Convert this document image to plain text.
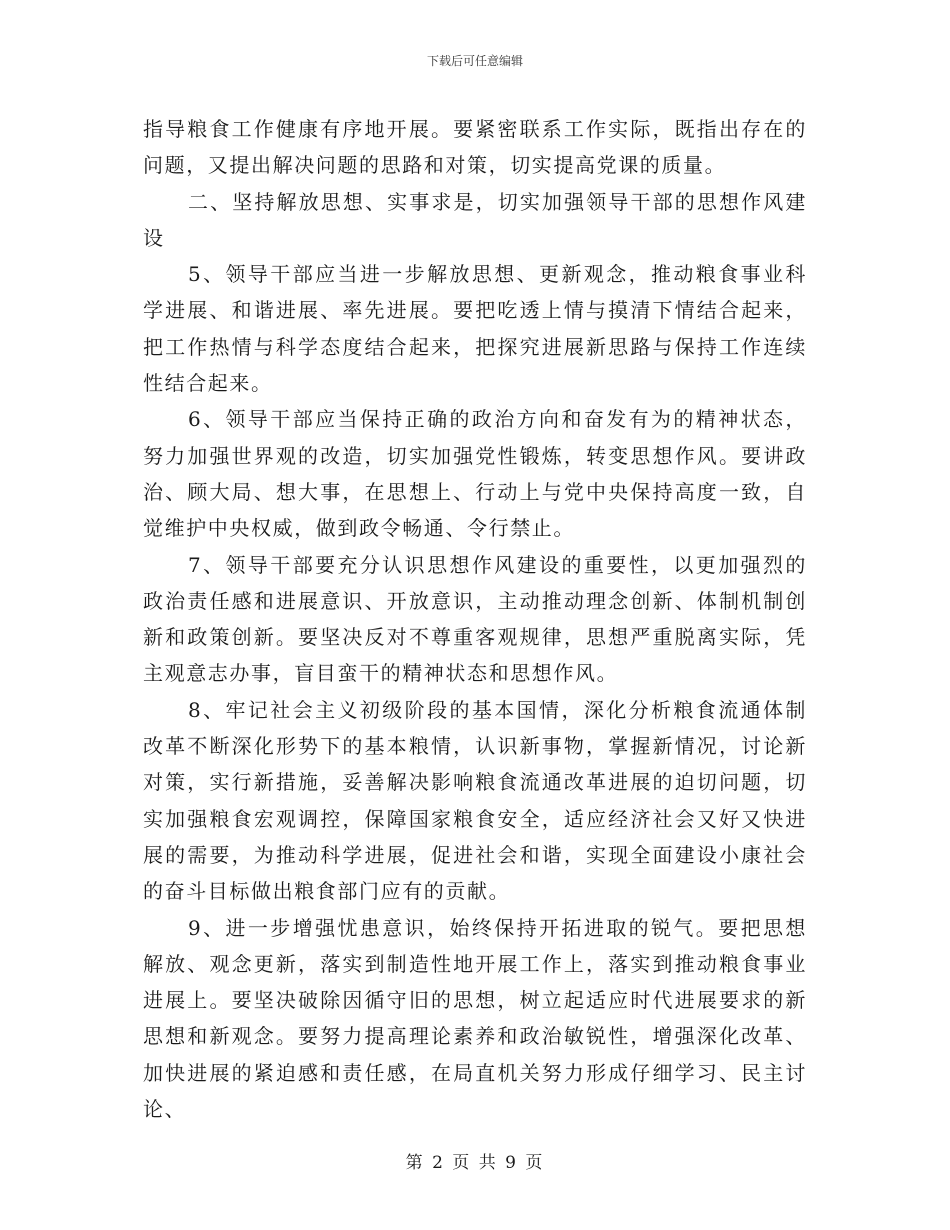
下载后可任意编辑

指导粮食工作健康有序地开展。要紧密联系工作实际，既指出存在的问题，又提出解决问题的思路和对策，切实提高党课的质量。

二、坚持解放思想、实事求是，切实加强领导干部的思想作风建设

5、领导干部应当进一步解放思想、更新观念，推动粮食事业科学进展、和谐进展、率先进展。要把吃透上情与摸清下情结合起来，把工作热情与科学态度结合起来，把探究进展新思路与保持工作连续性结合起来。

6、领导干部应当保持正确的政治方向和奋发有为的精神状态，努力加强世界观的改造，切实加强党性锻炼，转变思想作风。要讲政治、顾大局、想大事，在思想上、行动上与党中央保持高度一致，自觉维护中央权威，做到政令畅通、令行禁止。

7、领导干部要充分认识思想作风建设的重要性，以更加强烈的政治责任感和进展意识、开放意识，主动推动理念创新、体制机制创新和政策创新。要坚决反对不尊重客观规律，思想严重脱离实际，凭主观意志办事，盲目蛮干的精神状态和思想作风。

8、牢记社会主义初级阶段的基本国情，深化分析粮食流通体制改革不断深化形势下的基本粮情，认识新事物，掌握新情况，讨论新对策，实行新措施，妥善解决影响粮食流通改革进展的迫切问题，切实加强粮食宏观调控，保障国家粮食安全，适应经济社会又好又快进展的需要，为推动科学进展，促进社会和谐，实现全面建设小康社会的奋斗目标做出粮食部门应有的贡献。

9、进一步增强忧患意识，始终保持开拓进取的锐气。要把思想解放、观念更新，落实到制造性地开展工作上，落实到推动粮食事业进展上。要坚决破除因循守旧的思想，树立起适应时代进展要求的新思想和新观念。要努力提高理论素养和政治敏锐性，增强深化改革、加快进展的紧迫感和责任感，在局直机关努力形成仔细学习、民主讨论、

第 2 页 共 9 页
